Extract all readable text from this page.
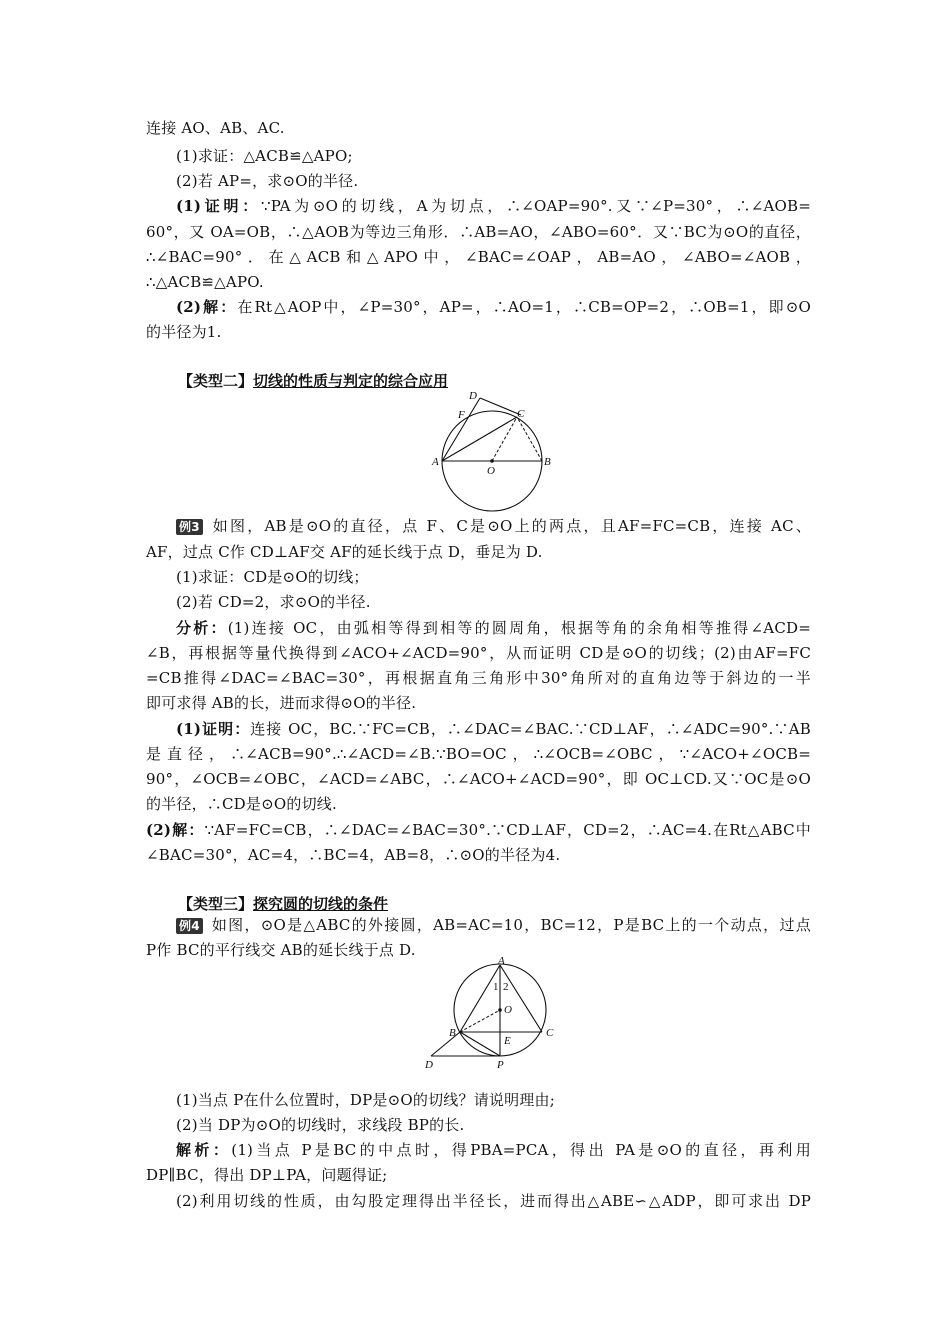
连接 AO、AB、AC.
(1)求证：△ACB≌△APO;
(2)若 AP=，求⊙O的半径.
(1)证明：∵PA为⊙O的切线，A为切点，∴∠OAP=90°.又∵∠P=30°，∴∠AOB=
60°，又 OA=OB，∴△AOB为等边三角形．∴AB=AO，∠ABO=60°．又∵BC为⊙O的直径，
∴∠BAC=90°．在△ACB和△APO中，∠BAC=∠OAP，AB=AO，∠ABO=∠AOB，
∴△ACB≌△APO.
(2)解：在Rt△AOP中，∠P=30°，AP=，∴AO=1，∴CB=OP=2，∴OB=1，即⊙O
的半径为1.
【类型二】切线的性质与判定的综合应用
D
F	C
A
O
B
例3 如图，AB是⊙O的直径，点 F、C是⊙O上的两点，且AF=FC=CB，连接 AC、
AF，过点 C作 CD⊥AF交 AF的延长线于点 D，垂足为 D.
(1)求证：CD是⊙O的切线；
(2)若 CD=2，求⊙O的半径.
分析：(1)连接 OC，由弧相等得到相等的圆周角，根据等角的余角相等推得∠ACD=
∠B，再根据等量代换得到∠ACO+∠ACD=90°，从而证明 CD是⊙O的切线；(2)由AF=FC
=CB推得∠DAC=∠BAC=30°，再根据直角三角形中30°角所对的直角边等于斜边的一半
即可求得 AB的长，进而求得⊙O的半径.
(1)证明：连接 OC，BC.∵FC=CB，∴∠DAC=∠BAC.∵CD⊥AF，∴∠ADC=90°.∵AB
是直径，∴∠ACB=90°.∴∠ACD=∠B.∵BO=OC，∴∠OCB=∠OBC，∵∠ACO+∠OCB=
90°，∠OCB=∠OBC，∠ACD=∠ABC，∴∠ACO+∠ACD=90°，即 OC⊥CD.又∵OC是⊙O
的半径，∴CD是⊙O的切线.
(2)解：∵AF=FC=CB，∴∠DAC=∠BAC=30°.∵CD⊥AF，CD=2，∴AC=4.在Rt△ABC中
∠BAC=30°，AC=4，∴BC=4，AB=8，∴⊙O的半径为4.
【类型三】探究圆的切线的条件
例4 如图，⊙O是△ABC的外接圆，AB=AC=10，BC=12，P是BC上的一个动点，过点
P作 BC的平行线交 AB的延长线于点 D.
A
1 2
O
B
E
C
D	P
(1)当点 P在什么位置时，DP是⊙O的切线？请说明理由;
(2)当 DP为⊙O的切线时，求线段 BP的长.
解析：(1)当点 P是BC的中点时，得PBA=PCA，得出 PA是⊙O的直径，再利用
DP∥BC，得出 DP⊥PA，问题得证;
(2)利用切线的性质，由勾股定理得出半径长，进而得出△ABE∽△ADP，即可求出 DP
